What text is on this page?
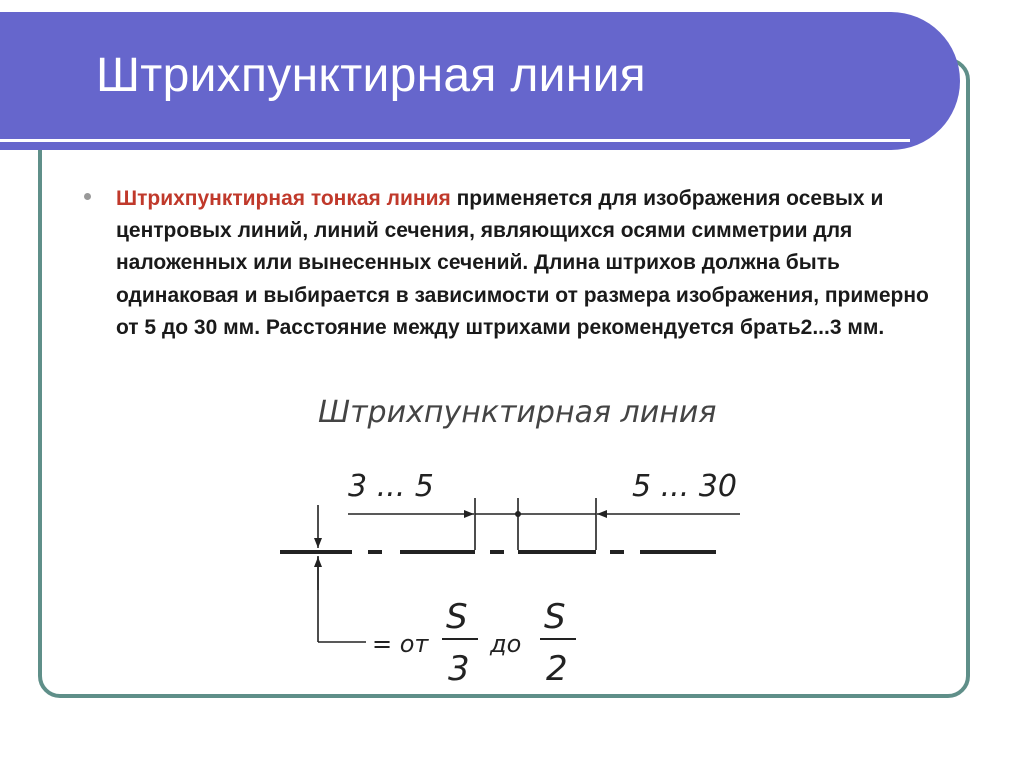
Штрихпунктирная линия

Штрихпунктирная тонкая линия применяется для изображения осевых и центровых линий, линий сечения, являющихся осями симметрии для наложенных или вынесенных сечений. Длина штрихов должна быть одинаковая и выбирается в зависимости от размера изображения, примерно от 5 до 30 мм. Расстояние между штрихами рекомендуется брать2...3 мм.

Штрихпунктирная линия
3 ... 5	5 ... 30
= от
S
3
до
S
2
